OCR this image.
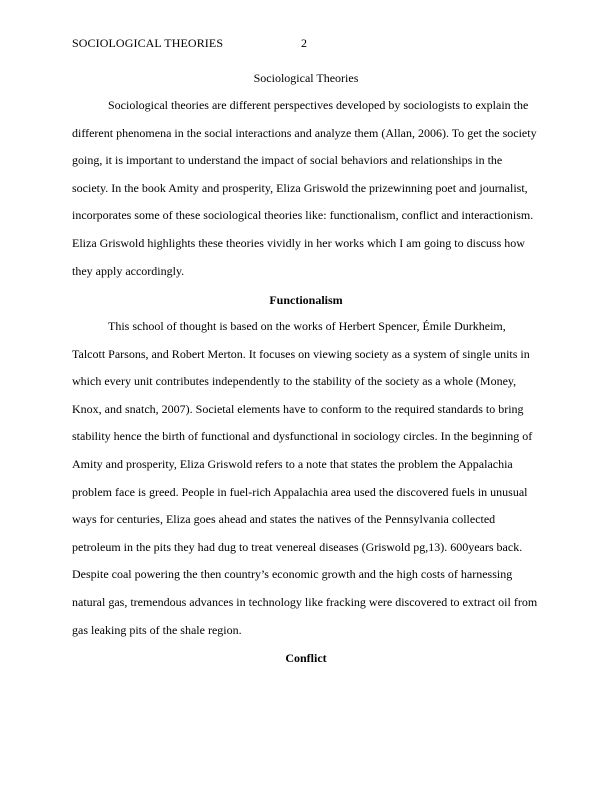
SOCIOLOGICAL THEORIES	2
Sociological Theories

Sociological theories are different perspectives developed by sociologists to explain the different phenomena in the social interactions and analyze them (Allan, 2006). To get the society going, it is important to understand the impact of social behaviors and relationships in the society. In the book Amity and prosperity, Eliza Griswold the prizewinning poet and journalist, incorporates some of these sociological theories like: functionalism, conflict and interactionism. Eliza Griswold highlights these theories vividly in her works which I am going to discuss how they apply accordingly.

Functionalism

This school of thought is based on the works of Herbert Spencer, Émile Durkheim, Talcott Parsons, and Robert Merton. It focuses on viewing society as a system of single units in which every unit contributes independently to the stability of the society as a whole (Money, Knox, and snatch, 2007). Societal elements have to conform to the required standards to bring stability hence the birth of functional and dysfunctional in sociology circles. In the beginning of Amity and prosperity, Eliza Griswold refers to a note that states the problem the Appalachia problem face is greed. People in fuel-rich Appalachia area used the discovered fuels in unusual ways for centuries, Eliza goes ahead and states the natives of the Pennsylvania collected petroleum in the pits they had dug to treat venereal diseases (Griswold pg,13). 600years back. Despite coal powering the then country’s economic growth and the high costs of harnessing natural gas, tremendous advances in technology like fracking were discovered to extract oil from gas leaking pits of the shale region.

Conflict
